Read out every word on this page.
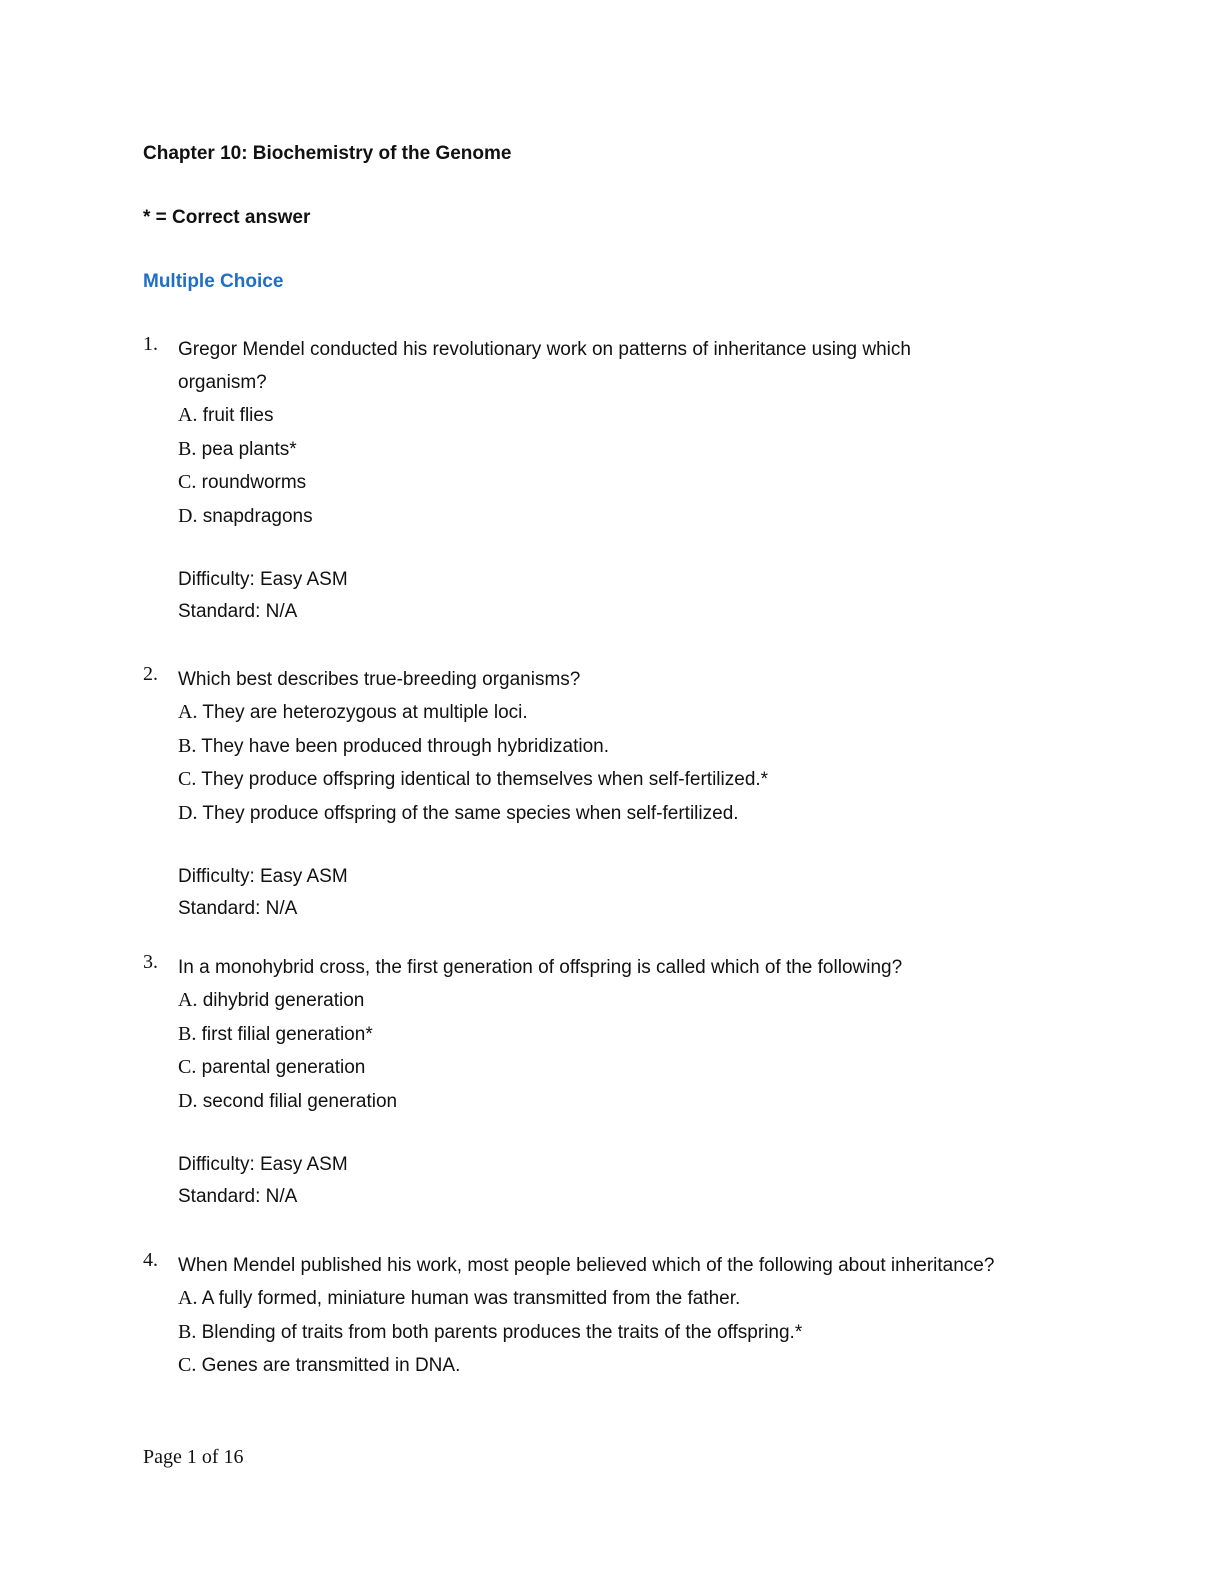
Chapter 10: Biochemistry of the Genome

* = Correct answer

Multiple Choice

1. Gregor Mendel conducted his revolutionary work on patterns of inheritance using which organism?

A. fruit flies

B. pea plants*

C. roundworms

D. snapdragons

Difficulty: Easy ASM

Standard: N/A

2. Which best describes true-breeding organisms?

A. They are heterozygous at multiple loci.

B. They have been produced through hybridization.

C. They produce offspring identical to themselves when self-fertilized.*

D. They produce offspring of the same species when self-fertilized.

Difficulty: Easy ASM

Standard: N/A

3. In a monohybrid cross, the first generation of offspring is called which of the following?

A. dihybrid generation

B. first filial generation*

C. parental generation

D. second filial generation

Difficulty: Easy ASM

Standard: N/A

4. When Mendel published his work, most people believed which of the following about inheritance?

A. A fully formed, miniature human was transmitted from the father.

B. Blending of traits from both parents produces the traits of the offspring.*

C. Genes are transmitted in DNA.

Page 1 of 16
